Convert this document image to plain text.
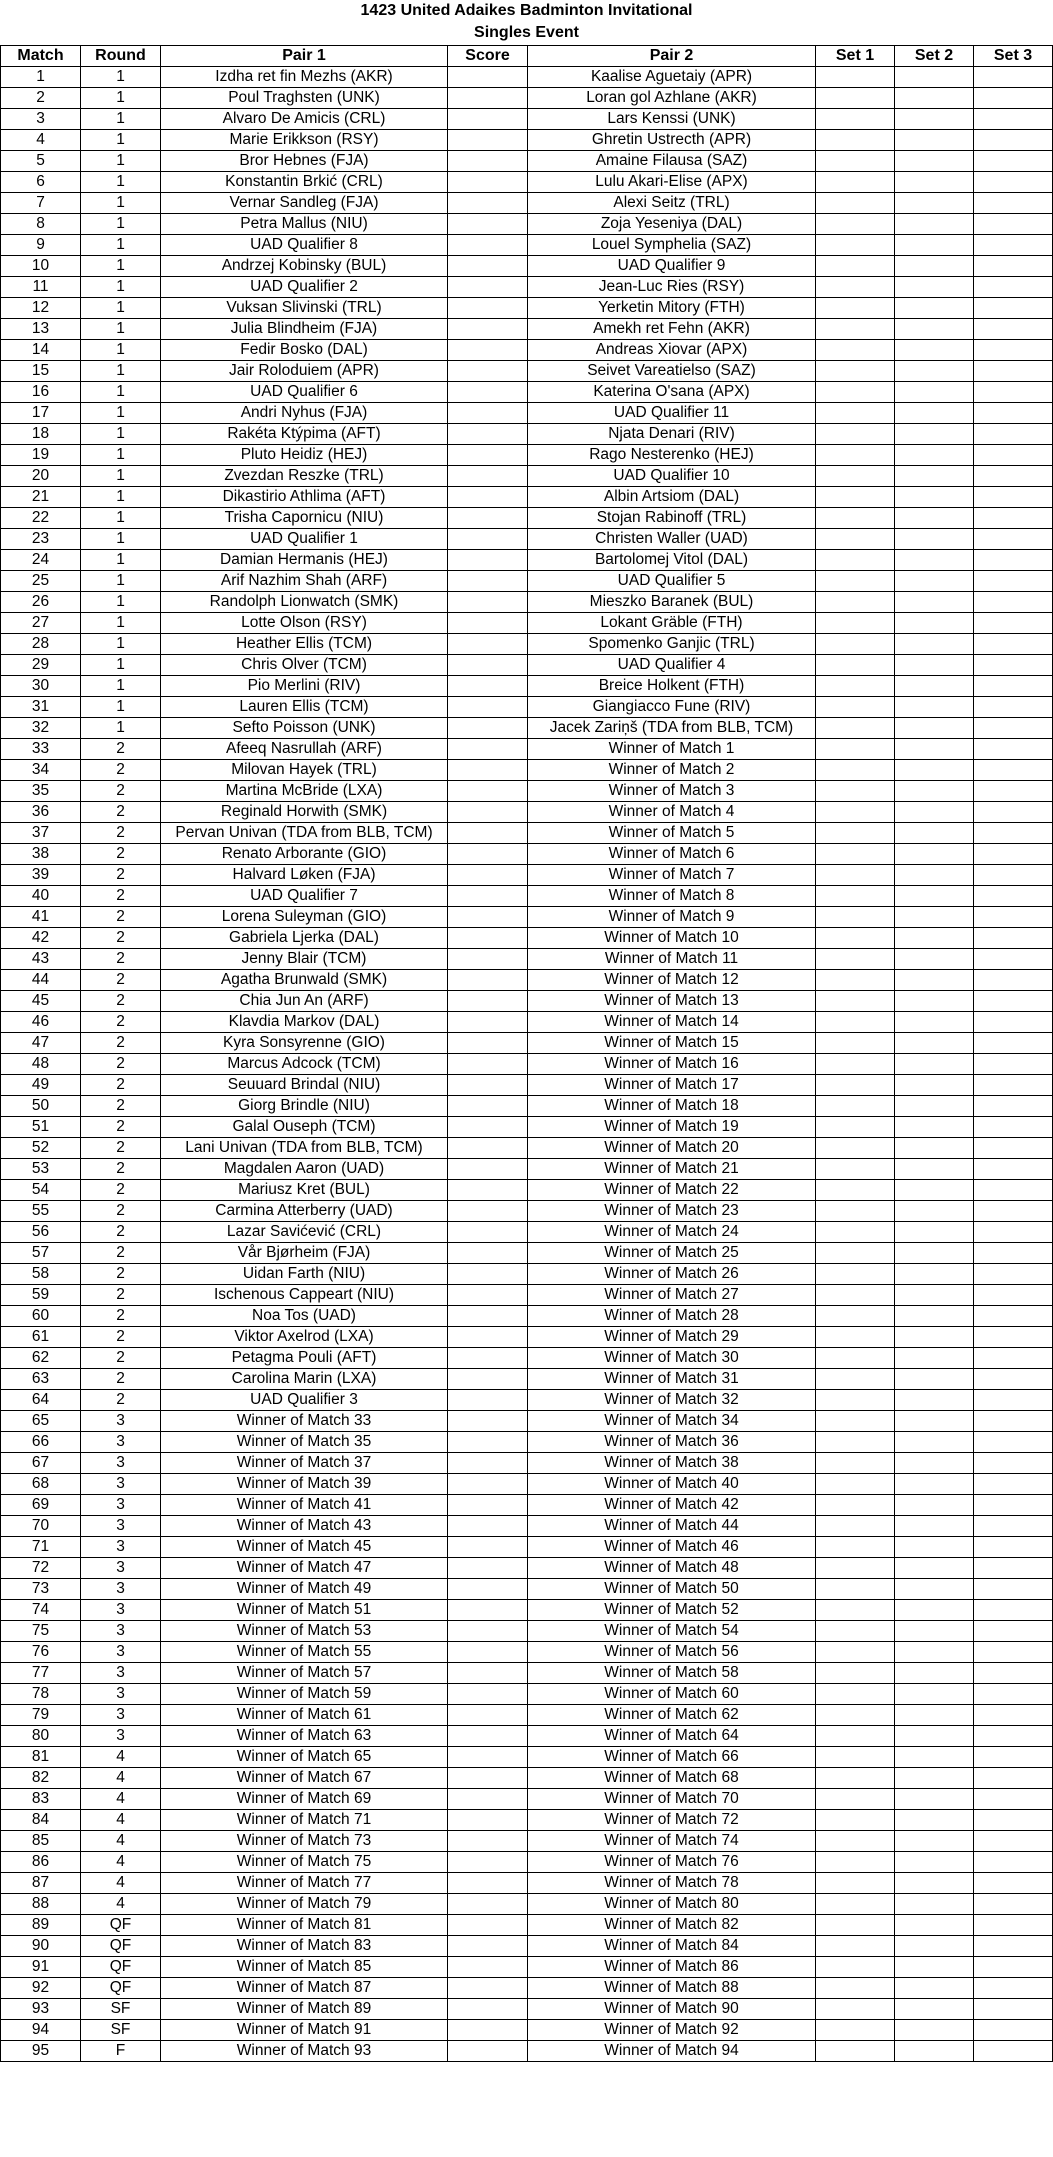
1423 United Adaikes Badminton Invitational
Singles Event
Match	Round	Pair 1	Score	Pair 2	Set 1	Set 2	Set 3
1	1	Izdha ret fin Mezhs (AKR)		Kaalise Aguetaiy (APR)			
2	1	Poul Traghsten (UNK)		Loran gol Azhlane (AKR)			
3	1	Alvaro De Amicis (CRL)		Lars Kenssi (UNK)			
4	1	Marie Erikkson (RSY)		Ghretin Ustrecth (APR)			
5	1	Bror Hebnes (FJA)		Amaine Filausa (SAZ)			
6	1	Konstantin Brkić (CRL)		Lulu Akari-Elise (APX)			
7	1	Vernar Sandleg (FJA)		Alexi Seitz (TRL)			
8	1	Petra Mallus (NIU)		Zoja Yeseniya (DAL)			
9	1	UAD Qualifier 8		Louel Symphelia (SAZ)			
10	1	Andrzej Kobinsky (BUL)		UAD Qualifier 9			
11	1	UAD Qualifier 2		Jean-Luc Ries (RSY)			
12	1	Vuksan Slivinski (TRL)		Yerketin Mitory (FTH)			
13	1	Julia Blindheim (FJA)		Amekh ret Fehn (AKR)			
14	1	Fedir Bosko (DAL)		Andreas Xiovar (APX)			
15	1	Jair Roloduiem (APR)		Seivet Vareatielso (SAZ)			
16	1	UAD Qualifier 6		Katerina O'sana (APX)			
17	1	Andri Nyhus (FJA)		UAD Qualifier 11			
18	1	Rakéta Ktýpima (AFT)		Njata Denari (RIV)			
19	1	Pluto Heidiz (HEJ)		Rago Nesterenko (HEJ)			
20	1	Zvezdan Reszke (TRL)		UAD Qualifier 10			
21	1	Dikastirio Athlima (AFT)		Albin Artsiom (DAL)			
22	1	Trisha Capornicu (NIU)		Stojan Rabinoff (TRL)			
23	1	UAD Qualifier 1		Christen Waller (UAD)			
24	1	Damian Hermanis (HEJ)		Bartolomej Vitol (DAL)			
25	1	Arif Nazhim Shah (ARF)		UAD Qualifier 5			
26	1	Randolph Lionwatch (SMK)		Mieszko Baranek (BUL)			
27	1	Lotte Olson (RSY)		Lokant Gräble (FTH)			
28	1	Heather Ellis (TCM)		Spomenko Ganjic (TRL)			
29	1	Chris Olver (TCM)		UAD Qualifier 4			
30	1	Pio Merlini (RIV)		Breice Holkent (FTH)			
31	1	Lauren Ellis (TCM)		Giangiacco Fune (RIV)			
32	1	Sefto Poisson (UNK)		Jacek Zariņš (TDA from BLB, TCM)			
33	2	Afeeq Nasrullah (ARF)		Winner of Match 1			
34	2	Milovan Hayek (TRL)		Winner of Match 2			
35	2	Martina McBride (LXA)		Winner of Match 3			
36	2	Reginald Horwith (SMK)		Winner of Match 4			
37	2	Pervan Univan (TDA from BLB, TCM)		Winner of Match 5			
38	2	Renato Arborante (GIO)		Winner of Match 6			
39	2	Halvard Løken (FJA)		Winner of Match 7			
40	2	UAD Qualifier 7		Winner of Match 8			
41	2	Lorena Suleyman (GIO)		Winner of Match 9			
42	2	Gabriela Ljerka (DAL)		Winner of Match 10			
43	2	Jenny Blair (TCM)		Winner of Match 11			
44	2	Agatha Brunwald (SMK)		Winner of Match 12			
45	2	Chia Jun An (ARF)		Winner of Match 13			
46	2	Klavdia Markov (DAL)		Winner of Match 14			
47	2	Kyra Sonsyrenne (GIO)		Winner of Match 15			
48	2	Marcus Adcock (TCM)		Winner of Match 16			
49	2	Seuuard Brindal (NIU)		Winner of Match 17			
50	2	Giorg Brindle (NIU)		Winner of Match 18			
51	2	Galal Ouseph (TCM)		Winner of Match 19			
52	2	Lani Univan (TDA from BLB, TCM)		Winner of Match 20			
53	2	Magdalen Aaron (UAD)		Winner of Match 21			
54	2	Mariusz Kret (BUL)		Winner of Match 22			
55	2	Carmina Atterberry (UAD)		Winner of Match 23			
56	2	Lazar Savićević (CRL)		Winner of Match 24			
57	2	Vår Bjørheim (FJA)		Winner of Match 25			
58	2	Uidan Farth (NIU)		Winner of Match 26			
59	2	Ischenous Cappeart (NIU)		Winner of Match 27			
60	2	Noa Tos (UAD)		Winner of Match 28			
61	2	Viktor Axelrod (LXA)		Winner of Match 29			
62	2	Petagma Pouli (AFT)		Winner of Match 30			
63	2	Carolina Marin (LXA)		Winner of Match 31			
64	2	UAD Qualifier 3		Winner of Match 32			
65	3	Winner of Match 33		Winner of Match 34			
66	3	Winner of Match 35		Winner of Match 36			
67	3	Winner of Match 37		Winner of Match 38			
68	3	Winner of Match 39		Winner of Match 40			
69	3	Winner of Match 41		Winner of Match 42			
70	3	Winner of Match 43		Winner of Match 44			
71	3	Winner of Match 45		Winner of Match 46			
72	3	Winner of Match 47		Winner of Match 48			
73	3	Winner of Match 49		Winner of Match 50			
74	3	Winner of Match 51		Winner of Match 52			
75	3	Winner of Match 53		Winner of Match 54			
76	3	Winner of Match 55		Winner of Match 56			
77	3	Winner of Match 57		Winner of Match 58			
78	3	Winner of Match 59		Winner of Match 60			
79	3	Winner of Match 61		Winner of Match 62			
80	3	Winner of Match 63		Winner of Match 64			
81	4	Winner of Match 65		Winner of Match 66			
82	4	Winner of Match 67		Winner of Match 68			
83	4	Winner of Match 69		Winner of Match 70			
84	4	Winner of Match 71		Winner of Match 72			
85	4	Winner of Match 73		Winner of Match 74			
86	4	Winner of Match 75		Winner of Match 76			
87	4	Winner of Match 77		Winner of Match 78			
88	4	Winner of Match 79		Winner of Match 80			
89	QF	Winner of Match 81		Winner of Match 82			
90	QF	Winner of Match 83		Winner of Match 84			
91	QF	Winner of Match 85		Winner of Match 86			
92	QF	Winner of Match 87		Winner of Match 88			
93	SF	Winner of Match 89		Winner of Match 90			
94	SF	Winner of Match 91		Winner of Match 92			
95	F	Winner of Match 93		Winner of Match 94			
